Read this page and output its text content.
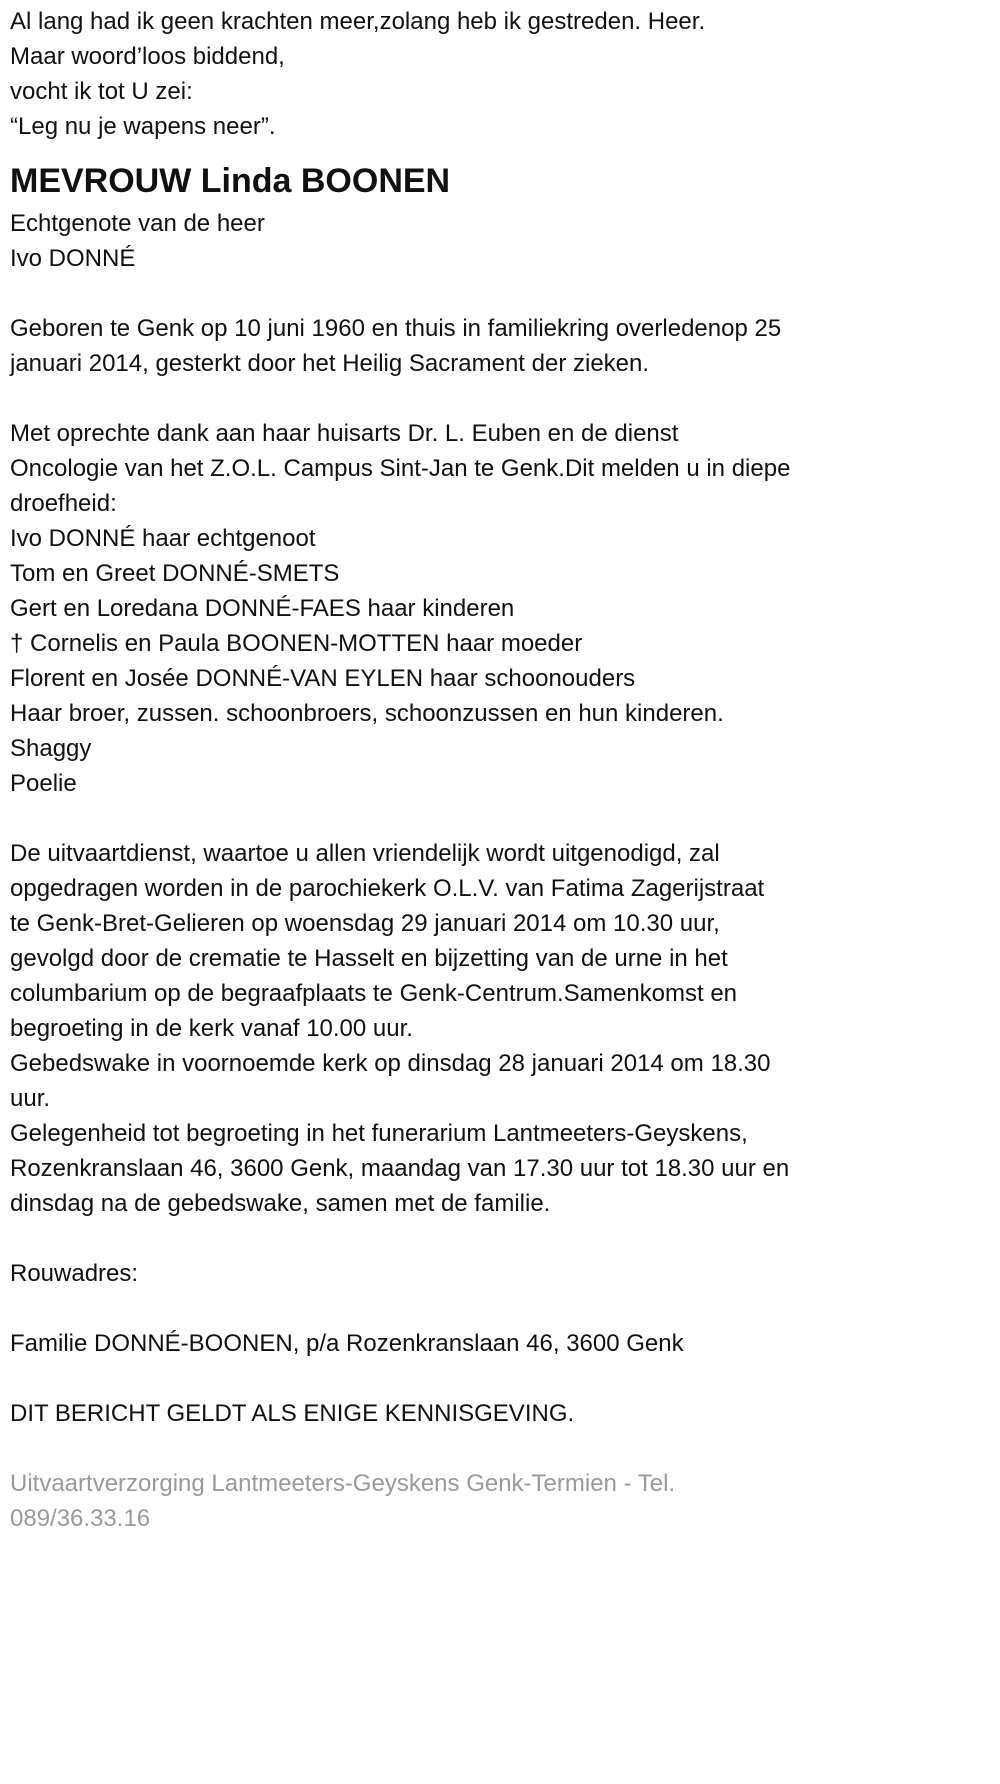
Al lang had ik geen krachten meer,zolang heb ik gestreden. Heer.
Maar woord’loos biddend,
vocht ik tot U zei:
“Leg nu je wapens neer”.
MEVROUW Linda BOONEN
Echtgenote van de heer
Ivo DONNÉ
Geboren te Genk op 10 juni 1960 en thuis in familiekring overledenop 25
januari 2014, gesterkt door het Heilig Sacrament der zieken.
Met oprechte dank aan haar huisarts Dr. L. Euben en de dienst
Oncologie van het Z.O.L. Campus Sint-Jan te Genk.Dit melden u in diepe
droefheid:
Ivo DONNÉ haar echtgenoot
Tom en Greet DONNÉ-SMETS
Gert en Loredana DONNÉ-FAES haar kinderen
† Cornelis en Paula BOONEN-MOTTEN haar moeder
Florent en Josée DONNÉ-VAN EYLEN haar schoonouders
Haar broer, zussen. schoonbroers, schoonzussen en hun kinderen.
Shaggy
Poelie
De uitvaartdienst, waartoe u allen vriendelijk wordt uitgenodigd, zal
opgedragen worden in de parochiekerk O.L.V. van Fatima Zagerijstraat
te Genk-Bret-Gelieren op woensdag 29 januari 2014 om 10.30 uur,
gevolgd door de crematie te Hasselt en bijzetting van de urne in het
columbarium op de begraafplaats te Genk-Centrum.Samenkomst en
begroeting in de kerk vanaf 10.00 uur.
Gebedswake in voornoemde kerk op dinsdag 28 januari 2014 om 18.30
uur.
Gelegenheid tot begroeting in het funerarium Lantmeeters-Geyskens,
Rozenkranslaan 46, 3600 Genk, maandag van 17.30 uur tot 18.30 uur en
dinsdag na de gebedswake, samen met de familie.
Rouwadres:
Familie DONNÉ-BOONEN, p/a Rozenkranslaan 46, 3600 Genk
DIT BERICHT GELDT ALS ENIGE KENNISGEVING.
Uitvaartverzorging Lantmeeters-Geyskens Genk-Termien - Tel.
089/36.33.16
